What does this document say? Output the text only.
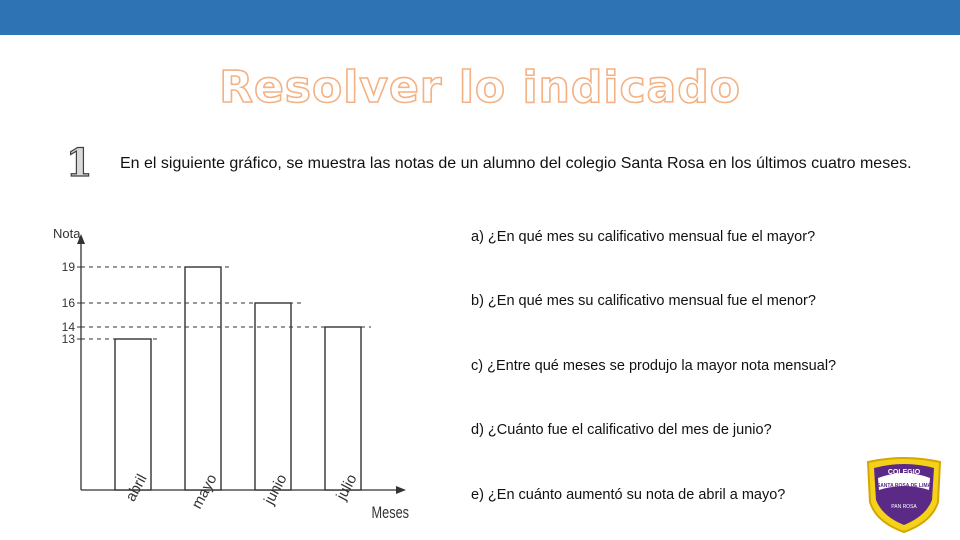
Resolver lo indicado
1 En el siguiente gráfico, se muestra las notas de un alumno del colegio Santa Rosa en los últimos cuatro meses.
Nota
Meses
abril	mayo	junio	julio
13
14
16
19
a) ¿En qué mes su calificativo mensual fue el mayor?
b) ¿En qué mes su calificativo mensual fue el menor?
c) ¿Entre qué meses se produjo la mayor nota mensual?
d) ¿Cuánto fue el calificativo del mes de junio?
e) ¿En cuánto aumentó su nota de abril a mayo?
COLEGIO
SANTA ROSA DE LIMA
PAN ROSA
